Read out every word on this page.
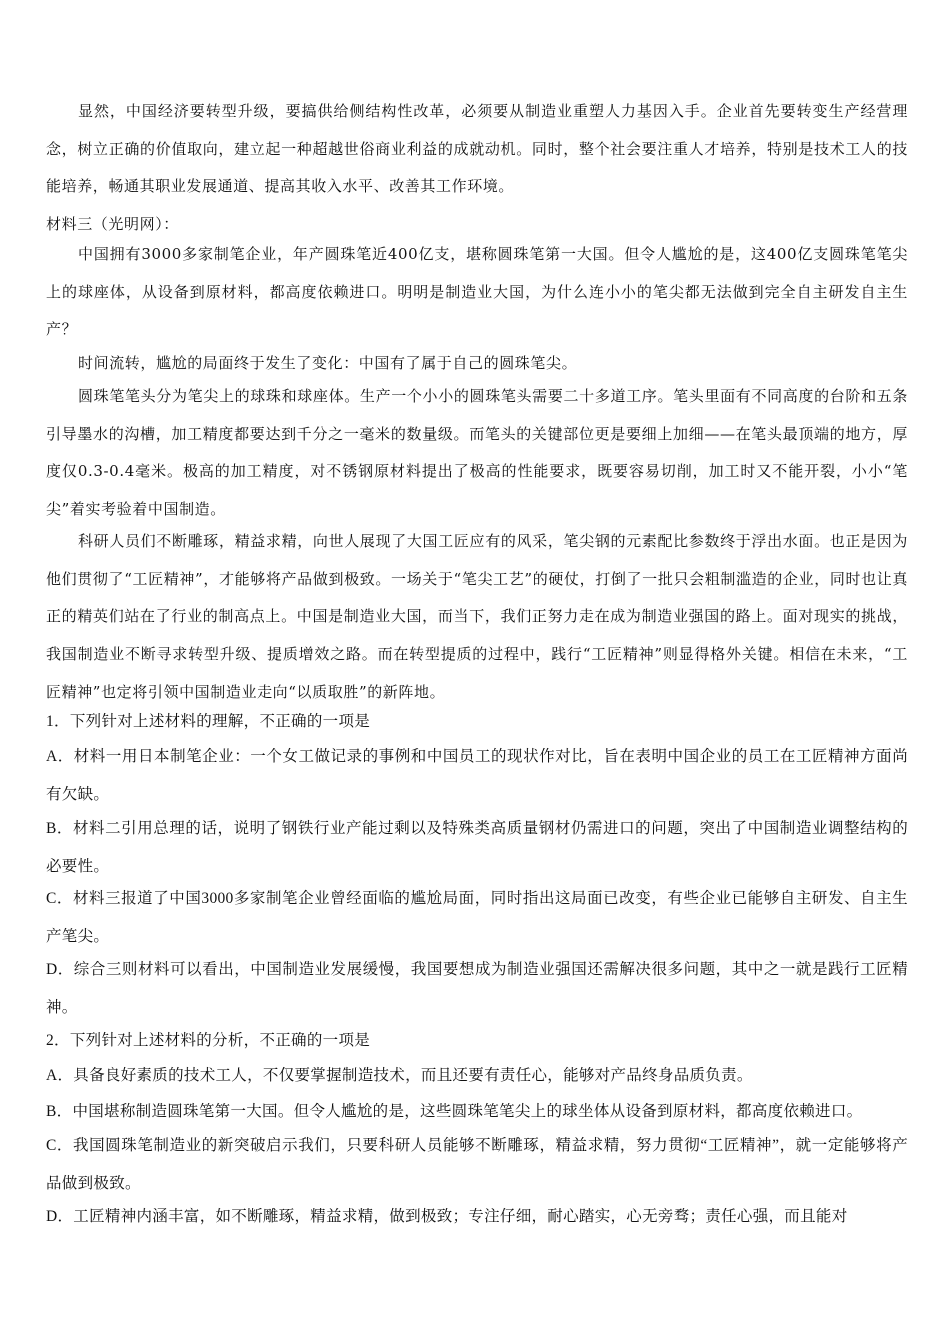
显然，中国经济要转型升级，要搞供给侧结构性改革，必须要从制造业重塑人力基因入手。企业首先要转变生产经营理念，树立正确的价值取向，建立起一种超越世俗商业利益的成就动机。同时，整个社会要注重人才培养，特别是技术工人的技能培养，畅通其职业发展通道、提高其收入水平、改善其工作环境。
材料三（光明网）：
中国拥有3000多家制笔企业，年产圆珠笔近400亿支，堪称圆珠笔第一大国。但令人尴尬的是，这400亿支圆珠笔笔尖上的球座体，从设备到原材料，都高度依赖进口。明明是制造业大国，为什么连小小的笔尖都无法做到完全自主研发自主生产？
时间流转，尴尬的局面终于发生了变化：中国有了属于自己的圆珠笔尖。
圆珠笔笔头分为笔尖上的球珠和球座体。生产一个小小的圆珠笔头需要二十多道工序。笔头里面有不同高度的台阶和五条引导墨水的沟槽，加工精度都要达到千分之一毫米的数量级。而笔头的关键部位更是要细上加细——在笔头最顶端的地方，厚度仅0.3-0.4毫米。极高的加工精度，对不锈钢原材料提出了极高的性能要求，既要容易切削，加工时又不能开裂，小小“笔尖”着实考验着中国制造。
科研人员们不断雕琢，精益求精，向世人展现了大国工匠应有的风采，笔尖钢的元素配比参数终于浮出水面。也正是因为他们贯彻了“工匠精神”，才能够将产品做到极致。一场关于“笔尖工艺”的硬仗，打倒了一批只会粗制滥造的企业，同时也让真正的精英们站在了行业的制高点上。中国是制造业大国，而当下，我们正努力走在成为制造业强国的路上。面对现实的挑战，我国制造业不断寻求转型升级、提质增效之路。而在转型提质的过程中，践行“工匠精神”则显得格外关键。相信在未来，“工匠精神”也定将引领中国制造业走向“以质取胜”的新阵地。
1．下列针对上述材料的理解，不正确的一项是
A．材料一用日本制笔企业：一个女工做记录的事例和中国员工的现状作对比，旨在表明中国企业的员工在工匠精神方面尚有欠缺。
B．材料二引用总理的话，说明了钢铁行业产能过剩以及特殊类高质量钢材仍需进口的问题，突出了中国制造业调整结构的必要性。
C．材料三报道了中国3000多家制笔企业曾经面临的尴尬局面，同时指出这局面已改变，有些企业已能够自主研发、自主生产笔尖。
D．综合三则材料可以看出，中国制造业发展缓慢，我国要想成为制造业强国还需解决很多问题，其中之一就是践行工匠精神。
2．下列针对上述材料的分析，不正确的一项是
A．具备良好素质的技术工人，不仅要掌握制造技术，而且还要有责任心，能够对产品终身品质负责。
B．中国堪称制造圆珠笔第一大国。但令人尴尬的是，这些圆珠笔笔尖上的球坐体从设备到原材料，都高度依赖进口。
C．我国圆珠笔制造业的新突破启示我们，只要科研人员能够不断雕琢，精益求精，努力贯彻“工匠精神”，就一定能够将产品做到极致。
D．工匠精神内涵丰富，如不断雕琢，精益求精，做到极致；专注仔细，耐心踏实，心无旁骛；责任心强，而且能对
